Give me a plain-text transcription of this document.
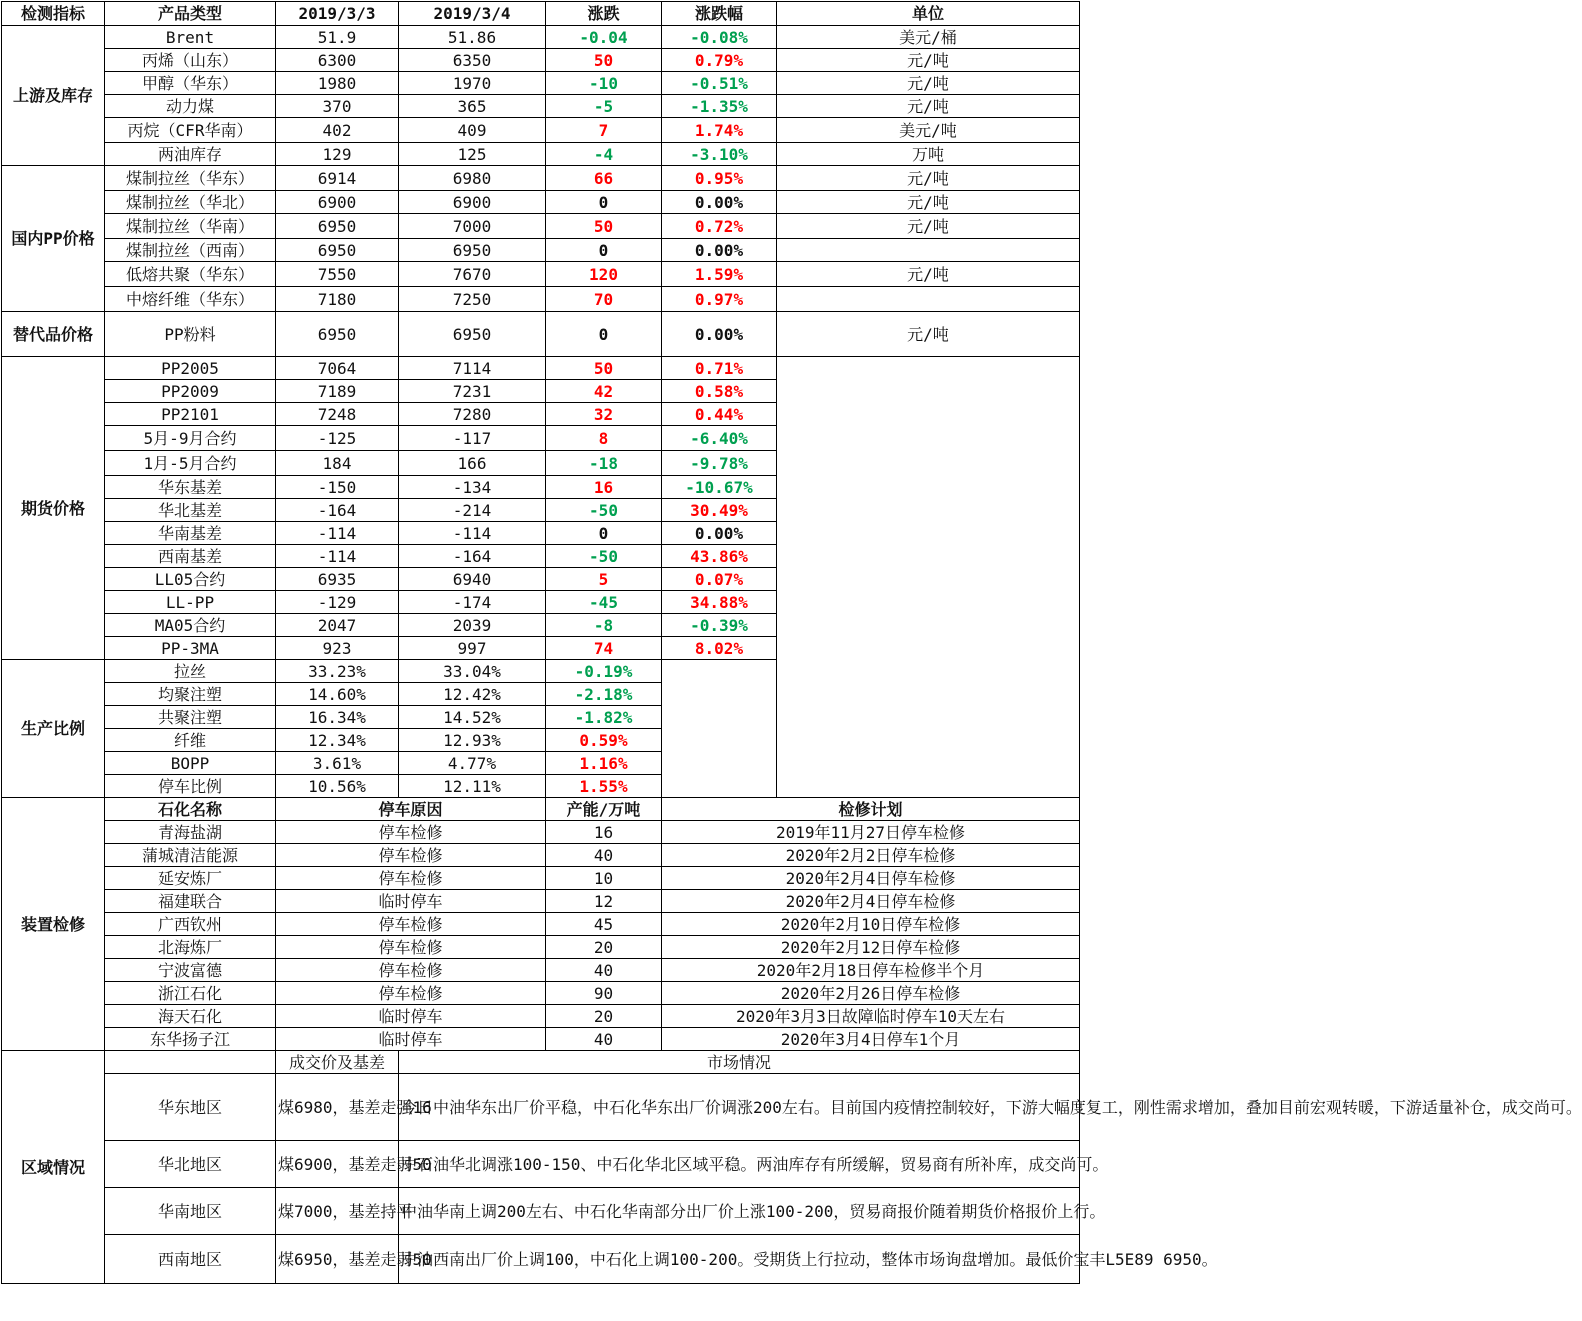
检测指标	产品类型	2019/3/3	2019/3/4	涨跌	涨跌幅	单位
上游及库存	Brent	51.9	51.86	-0.04	-0.08%	美元/桶
	丙烯（山东）	6300	6350	50	0.79%	元/吨
	甲醇（华东）	1980	1970	-10	-0.51%	元/吨
	动力煤	370	365	-5	-1.35%	元/吨
	丙烷（CFR华南）	402	409	7	1.74%	美元/吨
	两油库存	129	125	-4	-3.10%	万吨
国内PP价格	煤制拉丝（华东）	6914	6980	66	0.95%	元/吨
	煤制拉丝（华北）	6900	6900	0	0.00%	元/吨
	煤制拉丝（华南）	6950	7000	50	0.72%	元/吨
	煤制拉丝（西南）	6950	6950	0	0.00%	
	低熔共聚（华东）	7550	7670	120	1.59%	元/吨
	中熔纤维（华东）	7180	7250	70	0.97%	
替代品价格	PP粉料	6950	6950	0	0.00%	元/吨
期货价格	PP2005	7064	7114	50	0.71%	
	PP2009	7189	7231	42	0.58%	
	PP2101	7248	7280	32	0.44%	
	5月-9月合约	-125	-117	8	-6.40%	
	1月-5月合约	184	166	-18	-9.78%	
	华东基差	-150	-134	16	-10.67%	
	华北基差	-164	-214	-50	30.49%	
	华南基差	-114	-114	0	0.00%	
	西南基差	-114	-164	-50	43.86%	
	LL05合约	6935	6940	5	0.07%	
	LL-PP	-129	-174	-45	34.88%	
	MA05合约	2047	2039	-8	-0.39%	
	PP-3MA	923	997	74	8.02%	
生产比例	拉丝	33.23%	33.04%	-0.19%		
	均聚注塑	14.60%	12.42%	-2.18%		
	共聚注塑	16.34%	14.52%	-1.82%		
	纤维	12.34%	12.93%	0.59%		
	BOPP	3.61%	4.77%	1.16%		
	停车比例	10.56%	12.11%	1.55%		
装置检修	石化名称	停车原因		产能/万吨	检修计划	
	青海盐湖	停车检修		16	2019年11月27日停车检修	
	蒲城清洁能源	停车检修		40	2020年2月2日停车检修	
	延安炼厂	停车检修		10	2020年2月4日停车检修	
	福建联合	临时停车		12	2020年2月4日停车检修	
	广西钦州	停车检修		45	2020年2月10日停车检修	
	北海炼厂	停车检修		20	2020年2月12日停车检修	
	宁波富德	停车检修		40	2020年2月18日停车检修半个月	
	浙江石化	停车检修		90	2020年2月26日停车检修	
	海天石化	临时停车		20	2020年3月3日故障临时停车10天左右	
	东华扬子江	临时停车		40	2020年3月4日停车1个月	
区域情况		成交价及基差	市场情况			
	华东地区	煤6980，基差走强16	今日中油华东出厂价平稳，中石化华东出厂价调涨200左右。目前国内疫情控制较好，下游大幅度复工，刚性需求增加，叠加目前宏观转暖，下游适量补仓，成交尚可。			
	华北地区	煤6900，基差走弱50	中石油华北调涨100-150、中石化华北区域平稳。两油库存有所缓解，贸易商有所补库，成交尚可。			
	华南地区	煤7000，基差持平	中油华南上调200左右、中石化华南部分出厂价上涨100-200，贸易商报价随着期货价格报价上行。			
	西南地区	煤6950，基差走弱50	中油西南出厂价上调100，中石化上调100-200。受期货上行拉动，整体市场询盘增加。最低价宝丰L5E89 6950。			
